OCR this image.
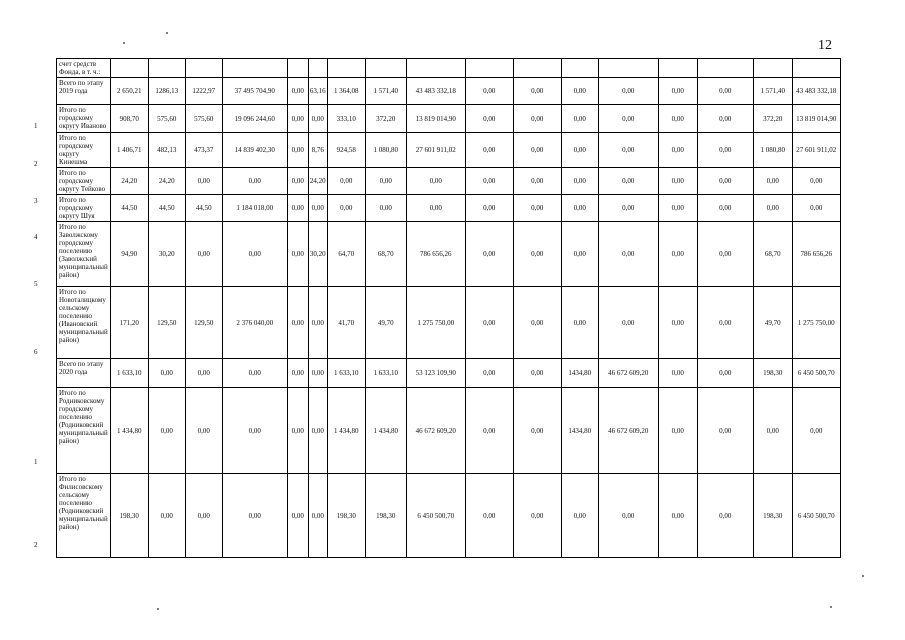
12
счет средств Фонда, в т. ч.:																	
Всего по этапу 2019 года	2 650,21	1286,13	1222,97	37 495 704,90	0,00	63,16	1 364,08	1 571,40	43 483 332,18	0,00	0,00	0,00	0,00	0,00	0,00	1 571,40	43 483 332,18
Итого по городскому округу Иваново	908,70	575,60	575,60	19 096 244,60	0,00	0,00	333,10	372,20	13 819 014,90	0,00	0,00	0,00	0,00	0,00	0,00	372,20	13 819 014,90
Итого по городскому округу Кинешма	1 406,71	482,13	473,37	14 839 402,30	0,00	8,76	924,58	1 080,80	27 601 911,02	0,00	0,00	0,00	0,00	0,00	0,00	1 080,80	27 601 911,02
Итого по городскому округу Тейково	24,20	24,20	0,00	0,00	0,00	24,20	0,00	0,00	0,00	0,00	0,00	0,00	0,00	0,00	0,00	0,00	0,00
Итого по городскому округу Шуя	44,50	44,50	44,50	1 184 018,00	0,00	0,00	0,00	0,00	0,00	0,00	0,00	0,00	0,00	0,00	0,00	0,00	0,00
Итого по Заволжскому городскому поселению (Заволжский муниципальный район)	94,90	30,20	0,00	0,00	0,00	30,20	64,70	68,70	786 656,26	0,00	0,00	0,00	0,00	0,00	0,00	68,70	786 656,26
Итого по Новоталицкому сельскому поселению (Ивановский муниципальный район)	171,20	129,50	129,50	2 376 040,00	0,00	0,00	41,70	49,70	1 275 750,00	0,00	0,00	0,00	0,00	0,00	0,00	49,70	1 275 750,00
Всего по этапу 2020 года	1 633,10	0,00	0,00	0,00	0,00	0,00	1 633,10	1 633,10	53 123 109,90	0,00	0,00	1434,80	46 672 609,20	0,00	0,00	198,30	6 450 500,70
Итого по Родниковскому городскому поселению (Родниковский муниципальный район)	1 434,80	0,00	0,00	0,00	0,00	0,00	1 434,80	1 434,80	46 672 609,20	0,00	0,00	1434,80	46 672 609,20	0,00	0,00	0,00	0,00
Итого по Филисовскому сельскому поселению (Родниковский муниципальный район)	198,30	0,00	0,00	0,00	0,00	0,00	198,30	198,30	6 450 500,70	0,00	0,00	0,00	0,00	0,00	0,00	198,30	6 450 500,70
1
2
3
4
5
6
1
2
